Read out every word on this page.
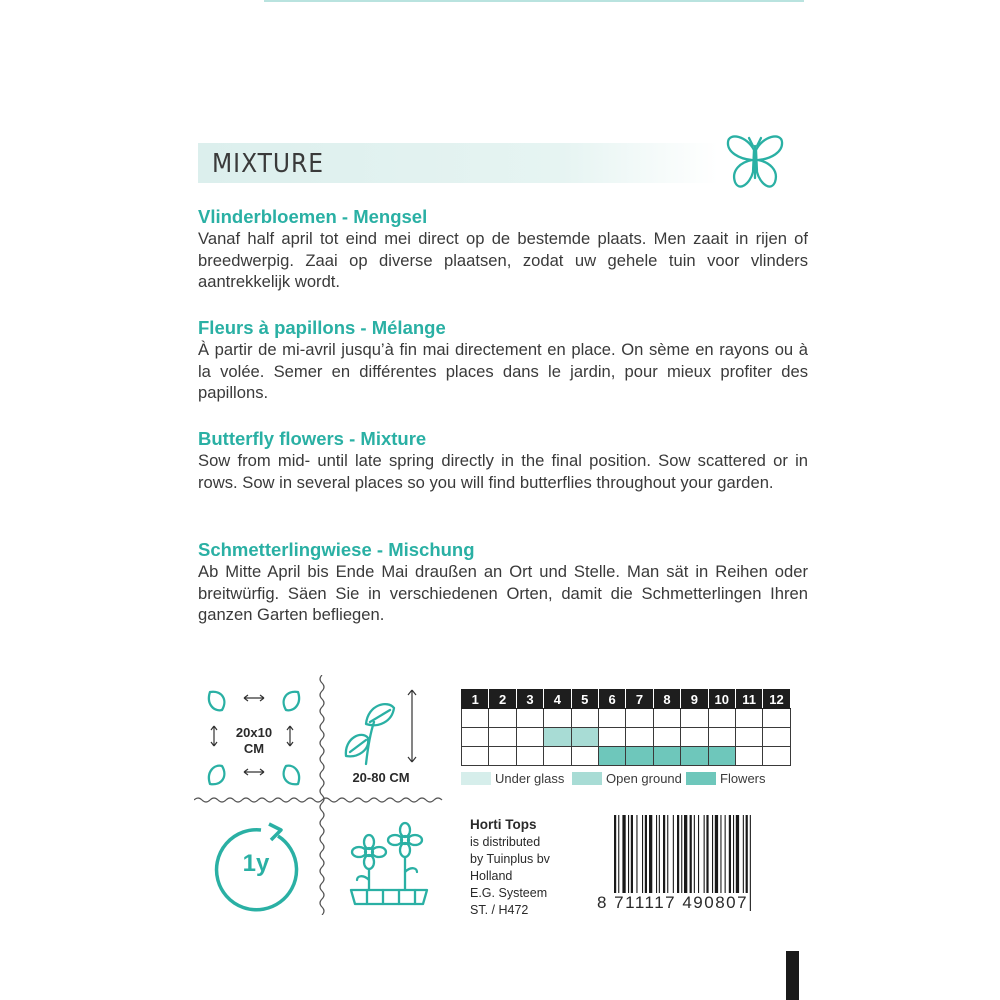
MIXTURE
Vlinderbloemen - Mengsel

Vanaf half april tot eind mei direct op de bestemde plaats. Men zaait in rijen of breedwerpig. Zaai op diverse plaatsen, zodat uw gehele tuin voor vlinders aantrekkelijk wordt.

Fleurs à papillons - Mélange

À partir de mi-avril jusqu’à fin mai directement en place. On sème en rayons ou à la volée. Semer en différentes places dans le jardin, pour mieux profiter des papillons.

Butterfly flowers - Mixture

Sow from mid- until late spring directly in the final position. Sow scattered or in rows. Sow in several places so you will find butterflies throughout your garden.

Schmetterlingwiese - Mischung

Ab Mitte April bis Ende Mai draußen an Ort und Stelle. Man sät in Reihen oder breitwürfig. Säen Sie in verschiedenen Orten, damit die Schmetterlingen Ihren ganzen Garten befliegen.

20x10
CM
20-80 CM
1y
1	2	3	4	5	6	7	8	9	10	11	12

Under glass	Open ground	Flowers
Horti Tops
is distributed
by Tuinplus bv
Holland
E.G. Systeem
ST. / H472	8 711117 490807
